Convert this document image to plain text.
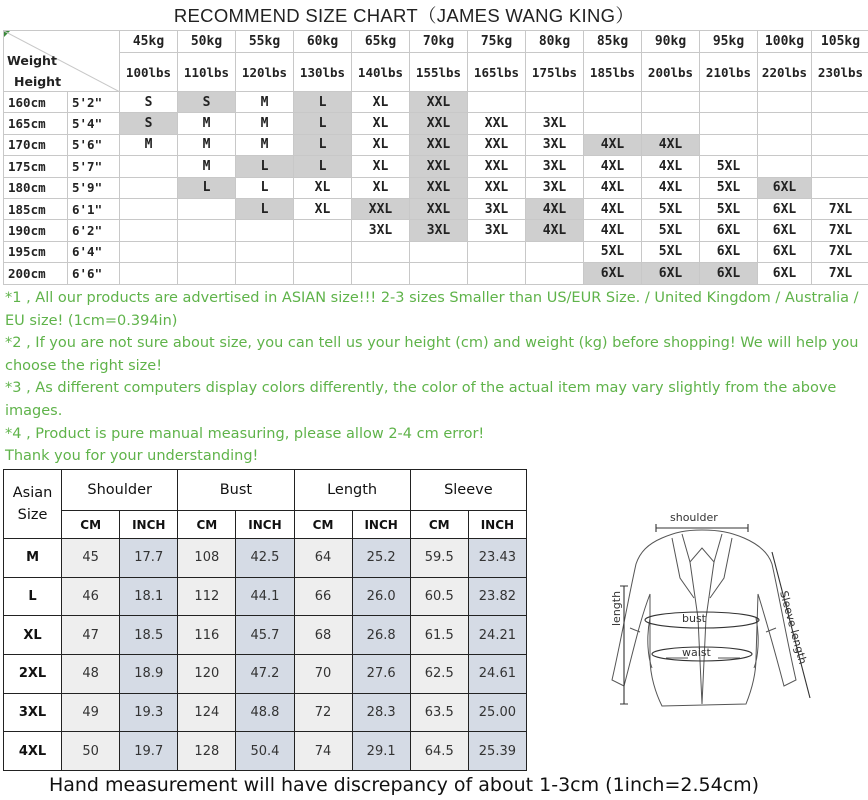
RECOMMEND SIZE CHART（JAMES WANG KING）
Weight
Height		45kg	50kg	55kg	60kg	65kg	70kg	75kg	80kg	85kg	90kg	95kg	100kg	105kg
		100lbs	110lbs	120lbs	130lbs	140lbs	155lbs	165lbs	175lbs	185lbs	200lbs	210lbs	220lbs	230lbs
160cm	5'2"	S	S	M	L	XL	XXL							
165cm	5'4"	S	M	M	L	XL	XXL	XXL	3XL					
170cm	5'6"	M	M	M	L	XL	XXL	XXL	3XL	4XL	4XL			
175cm	5'7"		M	L	L	XL	XXL	XXL	3XL	4XL	4XL	5XL		
180cm	5'9"		L	L	XL	XL	XXL	XXL	3XL	4XL	4XL	5XL	6XL	
185cm	6'1"			L	XL	XXL	XXL	3XL	4XL	4XL	5XL	5XL	6XL	7XL
190cm	6'2"					3XL	3XL	3XL	4XL	4XL	5XL	6XL	6XL	7XL
195cm	6'4"									5XL	5XL	6XL	6XL	7XL
200cm	6'6"									6XL	6XL	6XL	6XL	7XL
*1 , All our products are advertised in ASIAN size!!! 2-3 sizes Smaller than US/EUR Size. / United Kingdom / Australia / EU size! (1cm=0.394in)
*2 , If you are not sure about size, you can tell us your height (cm) and weight (kg) before shopping! We will help you choose the right size!
*3 , As different computers display colors differently, the color of the actual item may vary slightly from the above images.
*4 , Product is pure manual measuring, please allow 2-4 cm error!
Thank you for your understanding!
Asian Size	Shoulder		Bust		Length		Sleeve	
	CM	INCH	CM	INCH	CM	INCH	CM	INCH
M	45	17.7	108	42.5	64	25.2	59.5	23.43
L	46	18.1	112	44.1	66	26.0	60.5	23.82
XL	47	18.5	116	45.7	68	26.8	61.5	24.21
2XL	48	18.9	120	47.2	70	27.6	62.5	24.61
3XL	49	19.3	124	48.8	72	28.3	63.5	25.00
4XL	50	19.7	128	50.4	74	29.1	64.5	25.39
shoulder
length	bust
waist	Sleeve length
Hand measurement will have discrepancy of about 1-3cm (1inch=2.54cm)
